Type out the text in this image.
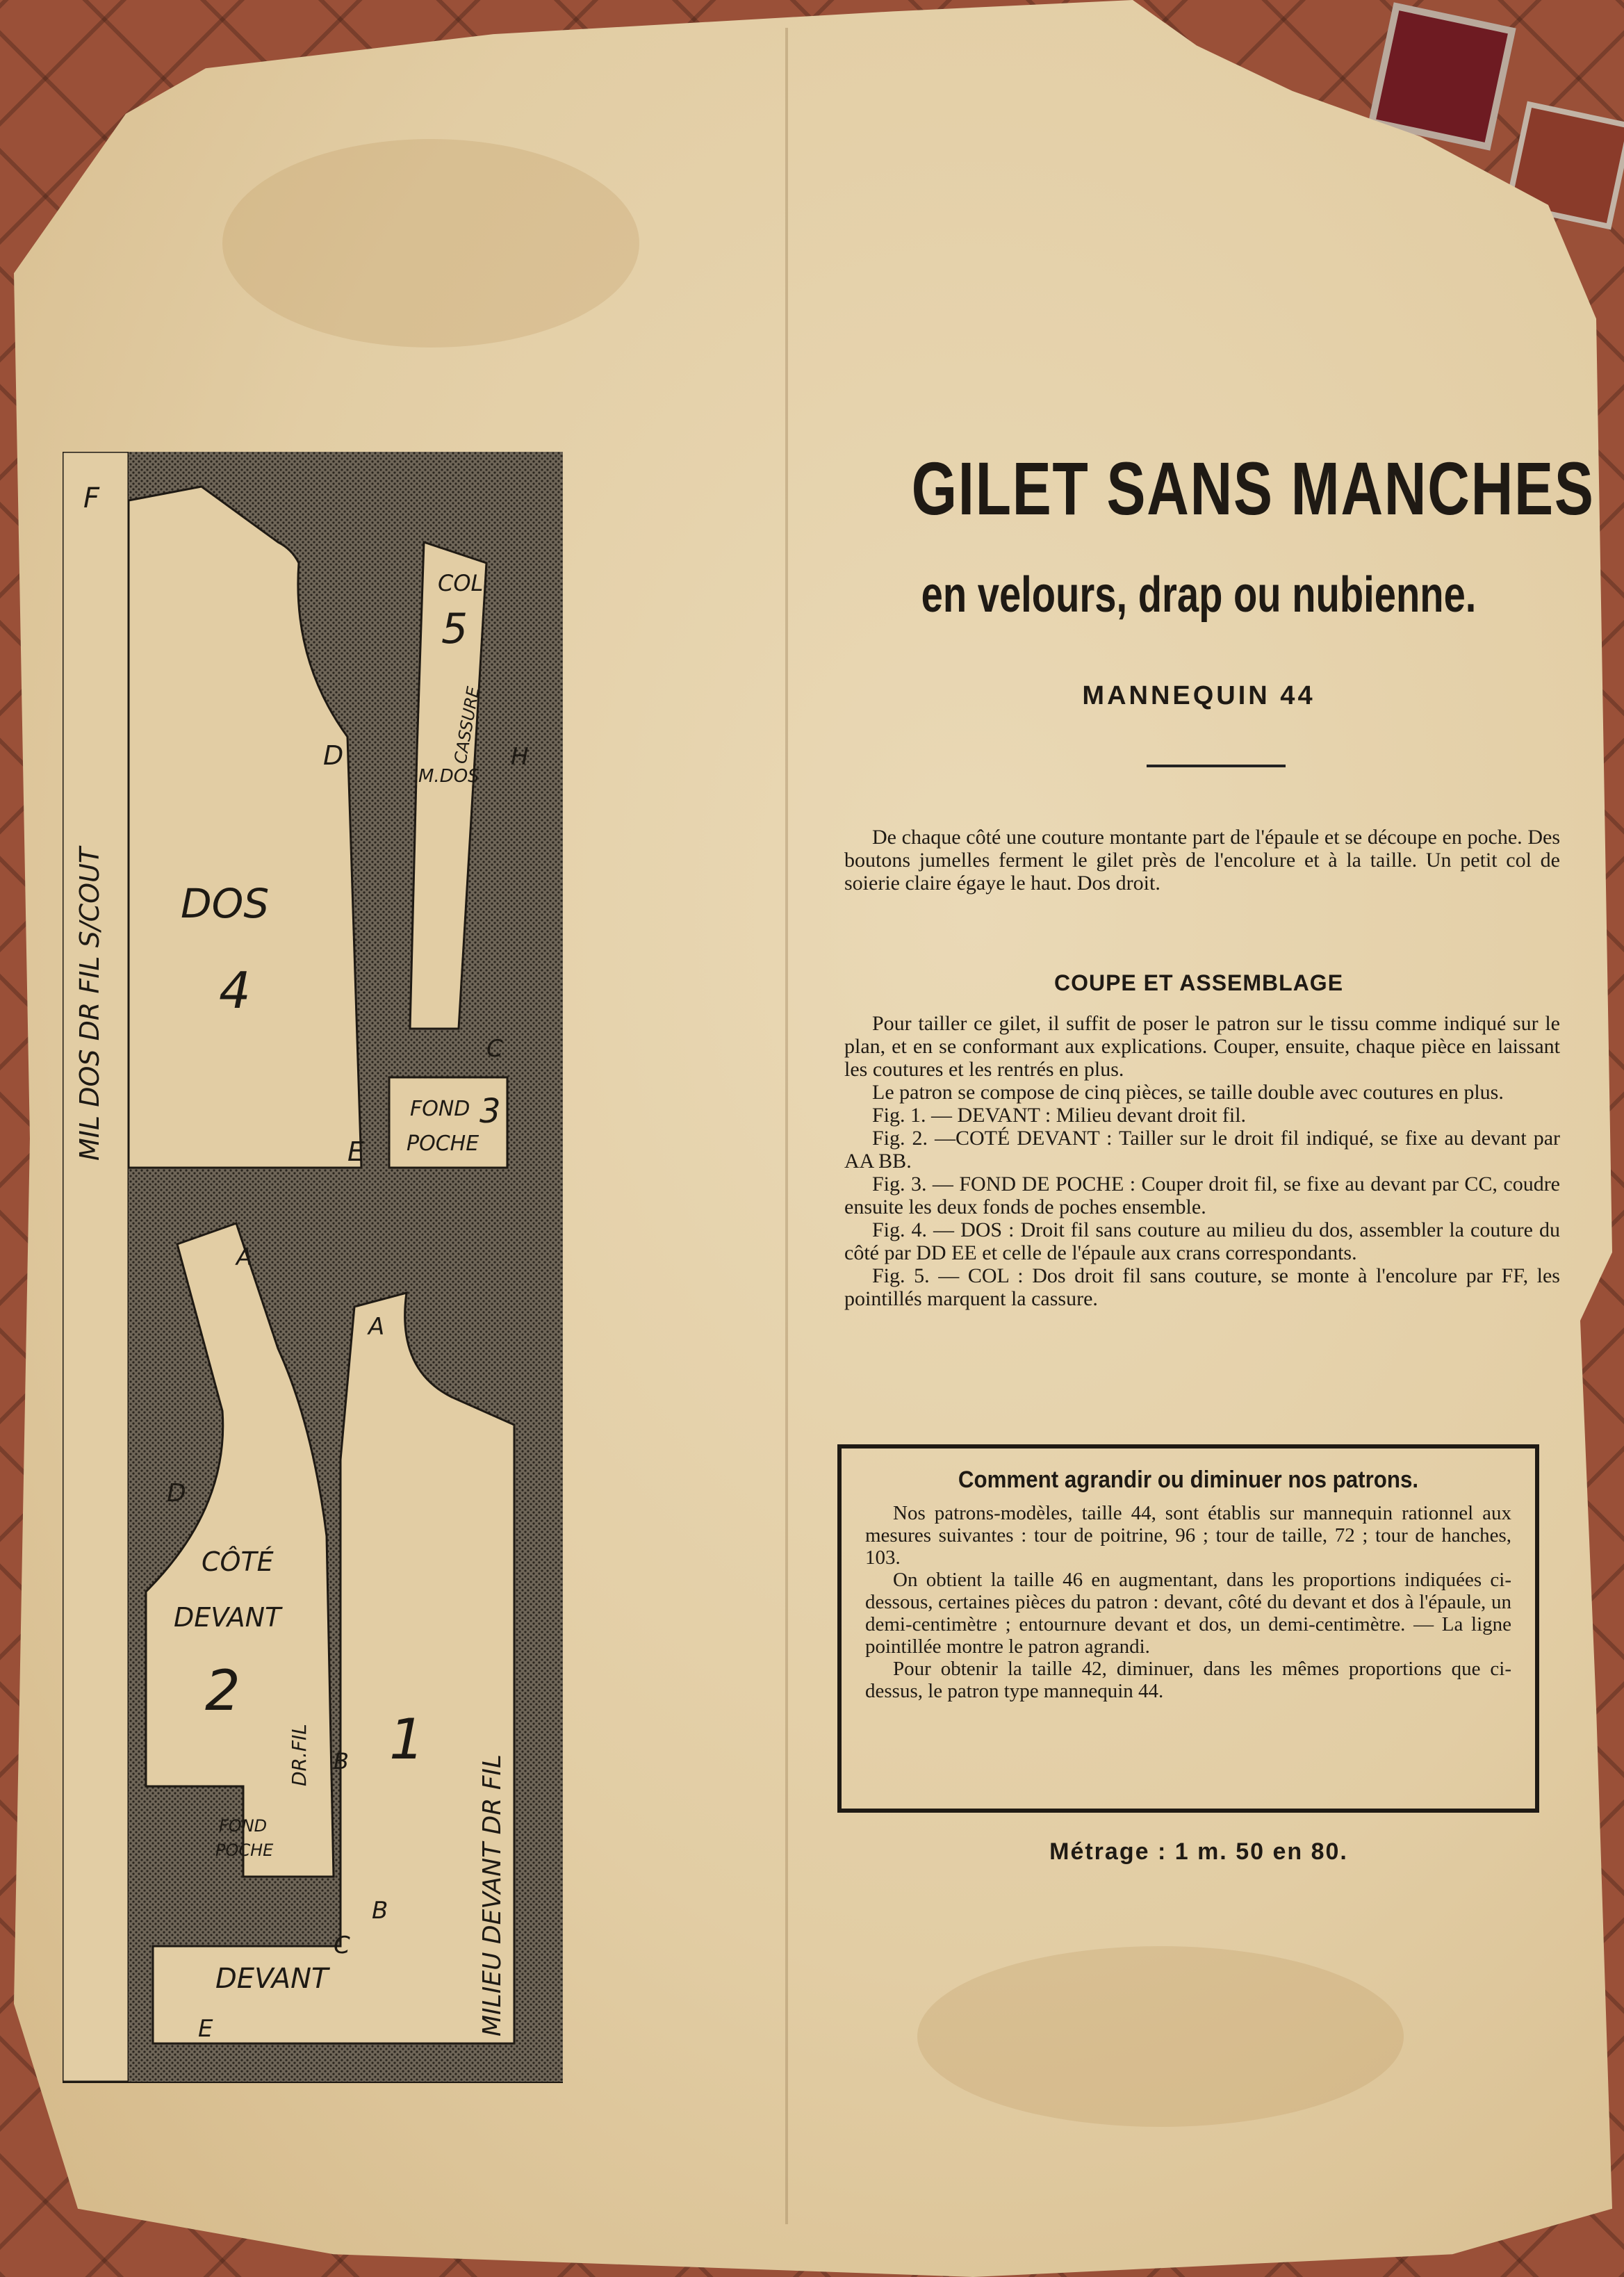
MIL DOS DR FIL S/COUT
F
DOS
4
D
E
COL
5
CASSURE
M.DOS
H
C
FOND 3
POCHE
A
D
CÔTÉ
DEVANT
2
DR.FIL B
FOND
POCHE
A
1
MILIEU DEVANT DR FIL
B
C
DEVANT
E
GILET SANS MANCHES
en velours, drap ou nubienne.
MANNEQUIN 44
De chaque côté une couture montante part de l'épaule et se découpe en poche. Des boutons jumelles ferment le gilet près de l'encolure et à la taille. Un petit col de soierie claire égaye le haut. Dos droit.
COUPE ET ASSEMBLAGE

Pour tailler ce gilet, il suffit de poser le patron sur le tissu comme indiqué sur le plan, et en se conformant aux explications. Couper, ensuite, chaque pièce en laissant les coutures et les rentrés en plus.

Le patron se compose de cinq pièces, se taille double avec coutures en plus.

Fig. 1. — DEVANT : Milieu devant droit fil.

Fig. 2. —COTÉ DEVANT : Tailler sur le droit fil indiqué, se fixe au devant par AA BB.

Fig. 3. — FOND DE POCHE : Couper droit fil, se fixe au devant par CC, coudre ensuite les deux fonds de poches ensemble.

Fig. 4. — DOS : Droit fil sans couture au milieu du dos, assembler la couture du côté par DD EE et celle de l'épaule aux crans correspondants.

Fig. 5. — COL : Dos droit fil sans couture, se monte à l'encolure par FF, les pointillés marquent la cassure.

Comment agrandir ou diminuer nos patrons.

Nos patrons-modèles, taille 44, sont établis sur mannequin rationnel aux mesures suivantes : tour de poitrine, 96 ; tour de taille, 72 ; tour de hanches, 103.

On obtient la taille 46 en augmentant, dans les proportions indiquées ci-dessous, certaines pièces du patron : devant, côté du devant et dos à l'épaule, un demi-centimètre ; entournure devant et dos, un demi-centimètre. — La ligne pointillée montre le patron agrandi.

Pour obtenir la taille 42, diminuer, dans les mêmes proportions que ci-dessus, le patron type mannequin 44.

Métrage : 1 m. 50 en 80.
